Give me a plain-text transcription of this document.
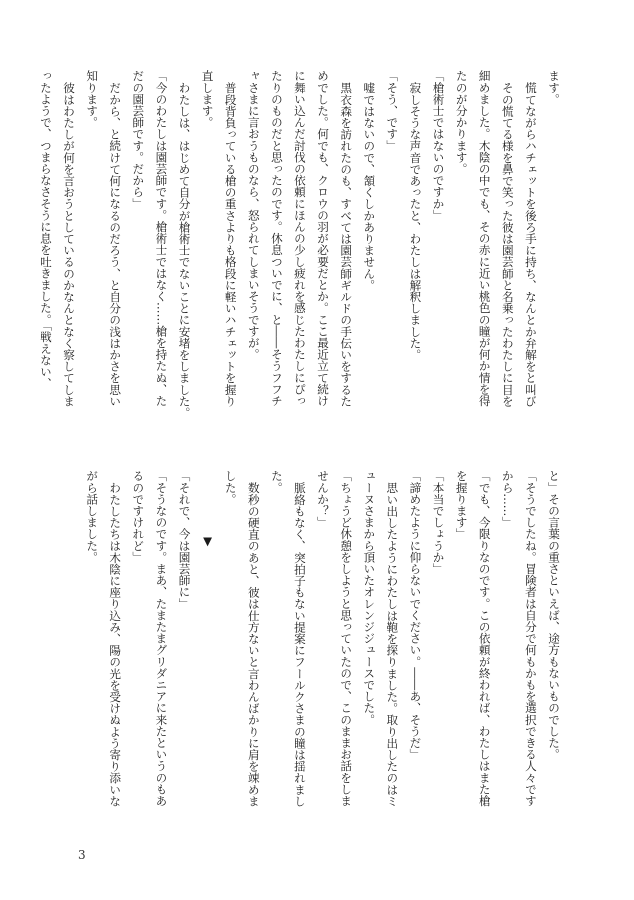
ます。
慌てながらハチェットを後ろ手に持ち、なんとか弁解をと叫び
その慌てる様を鼻で笑った彼は園芸師と名乗ったわたしに目を
細めました。木陰の中でも、その赤に近い桃色の瞳が何か情を得
たのが分かります。
「槍術士ではないのですか」
寂しそうな声音であったと、わたしは解釈しました。
「そう、です」
嘘ではないので、頷くしかありません。
黒衣森を訪れたのも、すべては園芸師ギルドの手伝いをするた
めでした。何でも、クロウの羽が必要だとか。ここ最近立て続け
に舞い込んだ討伐の依頼にほんの少し疲れを感じたわたしにぴっ
たりのものだと思ったのです。休息ついでに、と――そうフフチ
ャさまに言おうものなら、怒られてしまいそうですが。
普段背負っている槍の重さよりも格段に軽いハチェットを握り
直します。
わたしは、はじめて自分が槍術士でないことに安堵をしました。
「今のわたしは園芸師です。槍術士ではなく……槍を持たぬ、た
だの園芸師です。だから」
だから、と続けて何になるのだろう、と自分の浅はかさを思い
知ります。
彼はわたしが何を言おうとしているのかなんとなく察してしま
ったようで、つまらなさそうに息を吐きました。「戦えない、
と」その言葉の重さといえば、途方もないものでした。
「そうでしたね。冒険者は自分で何もかもを選択できる人々です
から……」
「でも、今限りなのです。この依頼が終われば、わたしはまた槍
を握ります」
「本当でしょうか」
「諦めたように仰らないでください。――あ、そうだ」
思い出したようにわたしは鞄を探りました。取り出したのはミ
ューヌさまから頂いたオレンジジュースでした。
「ちょうど休憩をしようと思っていたので、このままお話をしま
せんか？」
脈絡もなく、突拍子もない提案にフールクさまの瞳は揺れまし
た。
数秒の硬直のあと、彼は仕方ないと言わんばかりに肩を竦めま
した。
▼
「それで、今は園芸師に」
「そうなのです。まあ、たまたまグリダニアに来たというのもあ
るのですけれど」
わたしたちは木陰に座り込み、陽の光を受けぬよう寄り添いな
がら話しました。
3
